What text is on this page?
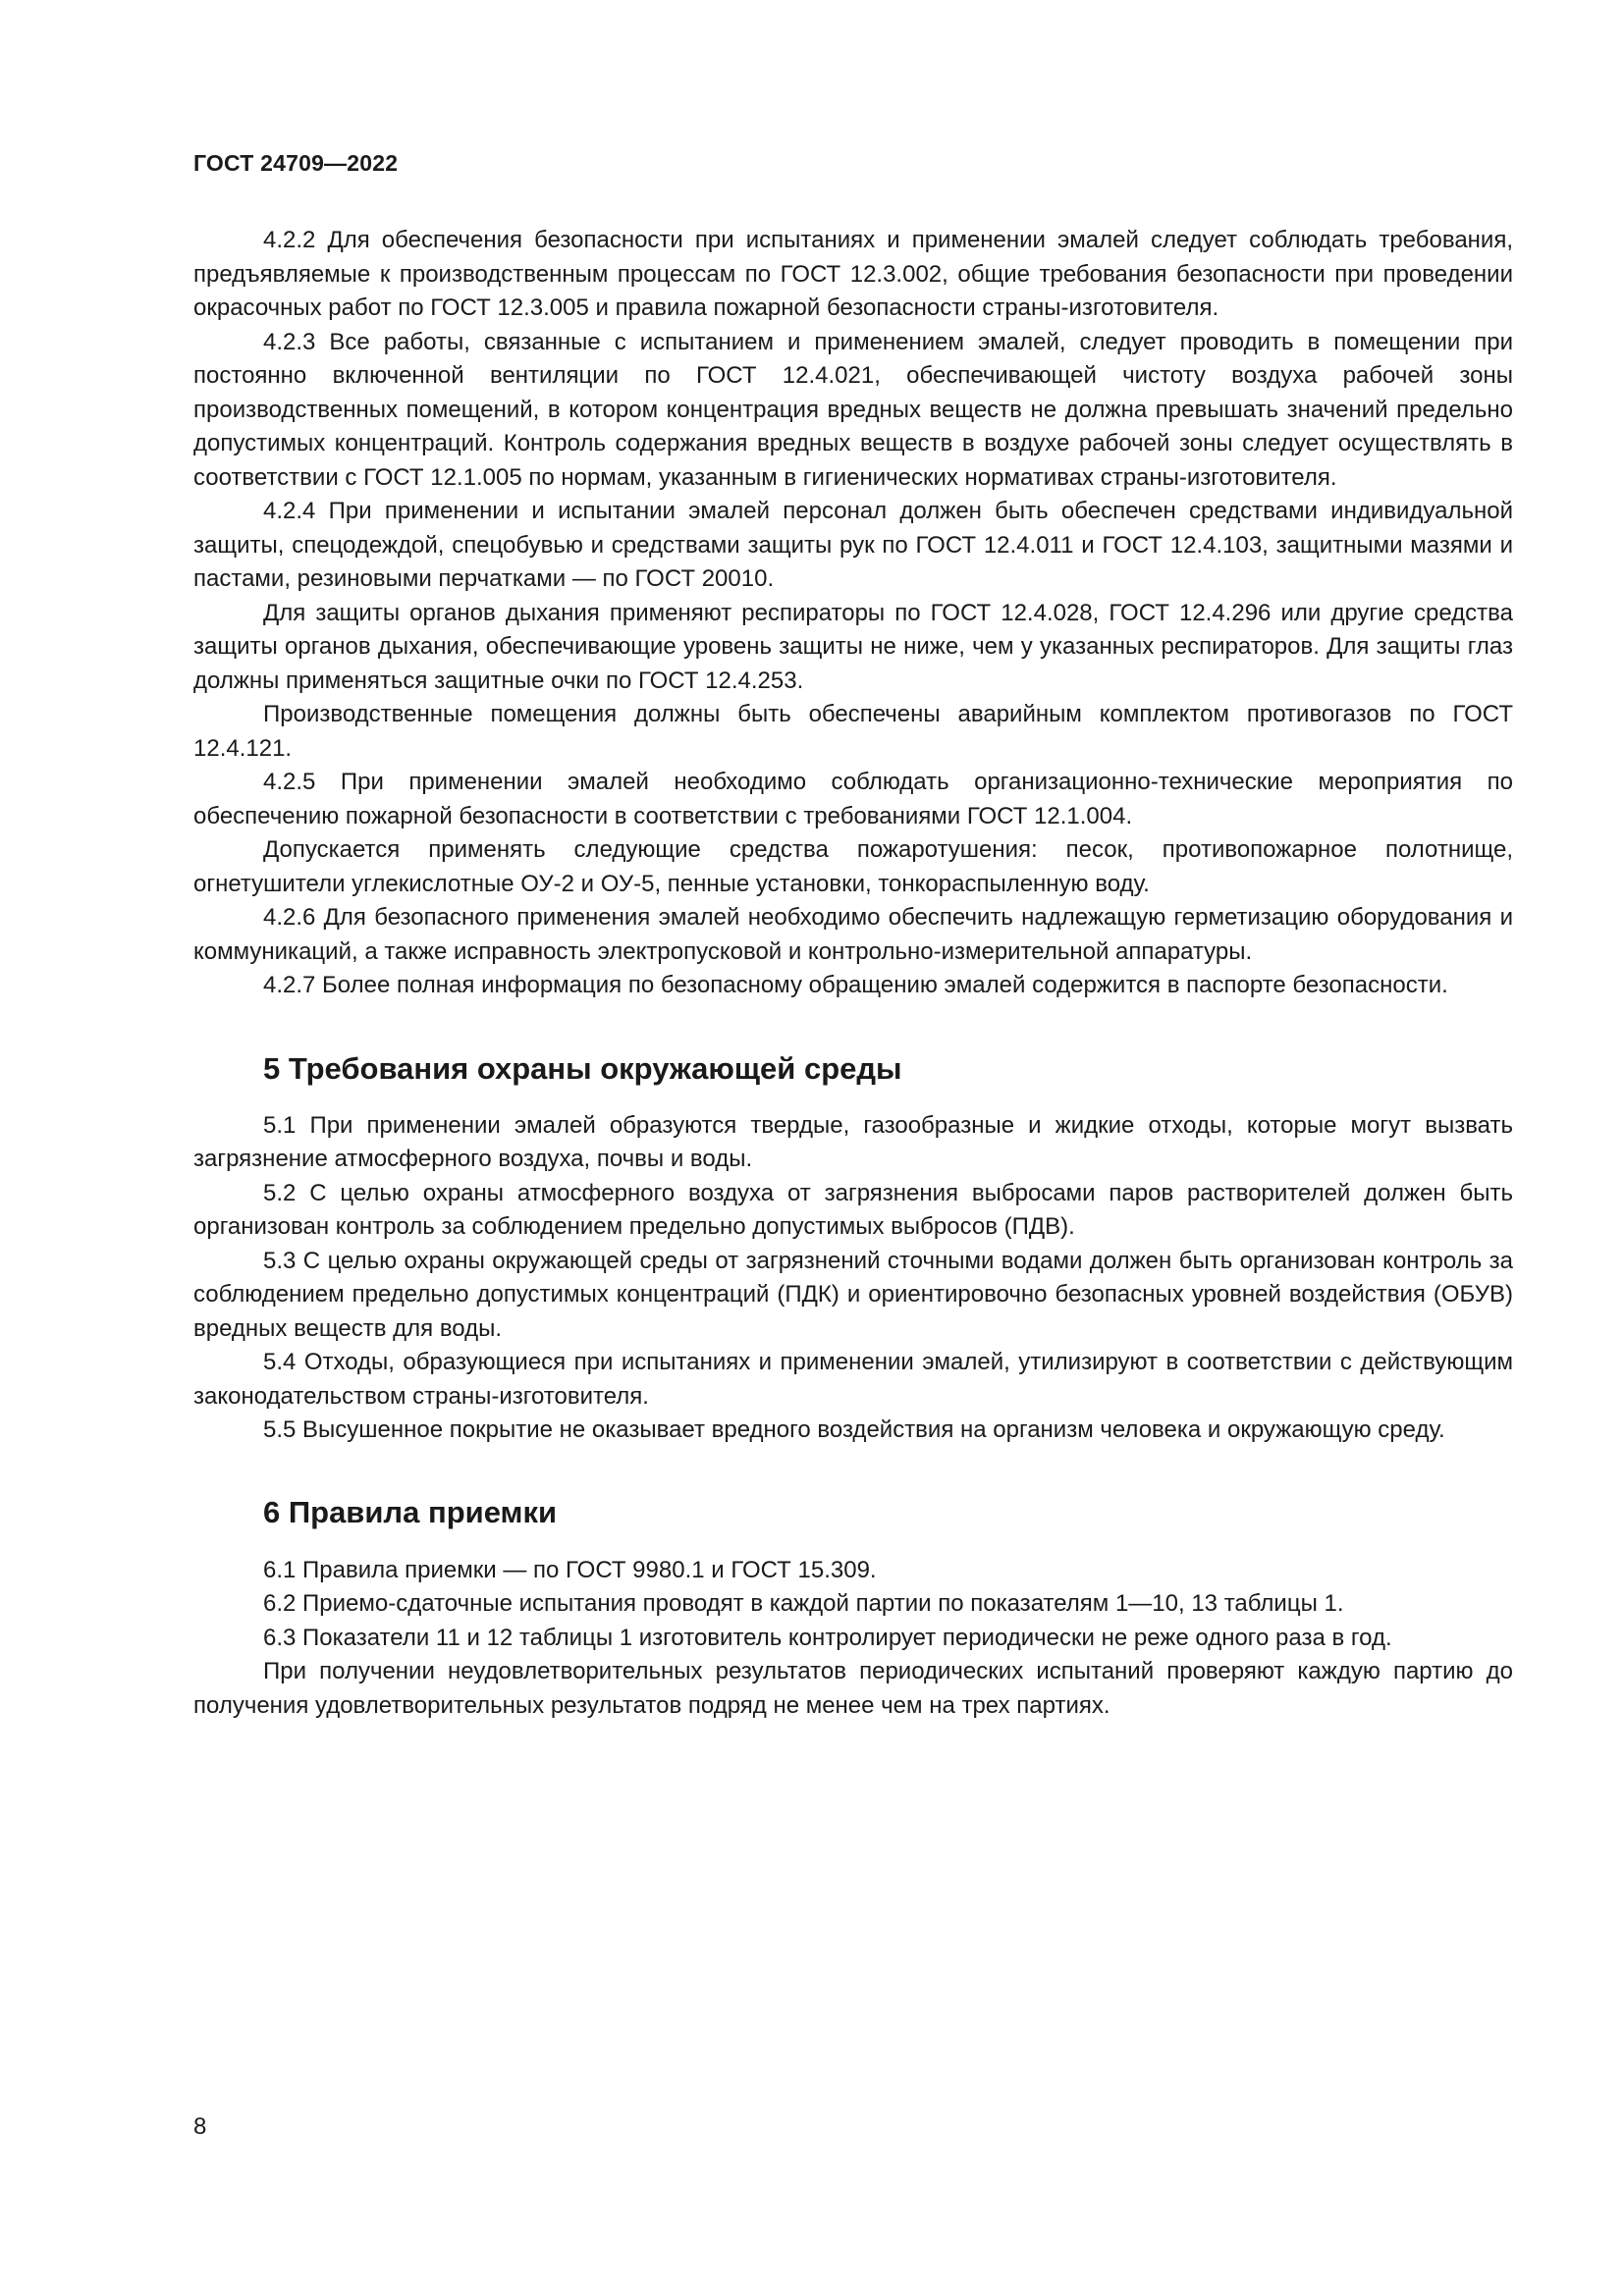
ГОСТ 24709—2022

4.2.2 Для обеспечения безопасности при испытаниях и применении эмалей следует соблюдать требования, предъявляемые к производственным процессам по ГОСТ 12.3.002, общие требования безопасности при проведении окрасочных работ по ГОСТ 12.3.005 и правила пожарной безопасности страны-изготовителя.

4.2.3 Все работы, связанные с испытанием и применением эмалей, следует проводить в помещении при постоянно включенной вентиляции по ГОСТ 12.4.021, обеспечивающей чистоту воздуха рабочей зоны производственных помещений, в котором концентрация вредных веществ не должна превышать значений предельно допустимых концентраций. Контроль содержания вредных веществ в воздухе рабочей зоны следует осуществлять в соответствии с ГОСТ 12.1.005 по нормам, указанным в гигиенических нормативах страны-изготовителя.

4.2.4 При применении и испытании эмалей персонал должен быть обеспечен средствами индивидуальной защиты, спецодеждой, спецобувью и средствами защиты рук по ГОСТ 12.4.011 и ГОСТ 12.4.103, защитными мазями и пастами, резиновыми перчатками — по ГОСТ 20010.

Для защиты органов дыхания применяют респираторы по ГОСТ 12.4.028, ГОСТ 12.4.296 или другие средства защиты органов дыхания, обеспечивающие уровень защиты не ниже, чем у указанных респираторов. Для защиты глаз должны применяться защитные очки по ГОСТ 12.4.253.

Производственные помещения должны быть обеспечены аварийным комплектом противогазов по ГОСТ 12.4.121.

4.2.5 При применении эмалей необходимо соблюдать организационно-технические мероприятия по обеспечению пожарной безопасности в соответствии с требованиями ГОСТ 12.1.004.

Допускается применять следующие средства пожаротушения: песок, противопожарное полотнище, огнетушители углекислотные ОУ-2 и ОУ-5, пенные установки, тонкораспыленную воду.

4.2.6 Для безопасного применения эмалей необходимо обеспечить надлежащую герметизацию оборудования и коммуникаций, а также исправность электропусковой и контрольно-измерительной аппаратуры.

4.2.7 Более полная информация по безопасному обращению эмалей содержится в паспорте безопасности.

5 Требования охраны окружающей среды

5.1 При применении эмалей образуются твердые, газообразные и жидкие отходы, которые могут вызвать загрязнение атмосферного воздуха, почвы и воды.

5.2 С целью охраны атмосферного воздуха от загрязнения выбросами паров растворителей должен быть организован контроль за соблюдением предельно допустимых выбросов (ПДВ).

5.3 С целью охраны окружающей среды от загрязнений сточными водами должен быть организован контроль за соблюдением предельно допустимых концентраций (ПДК) и ориентировочно безопасных уровней воздействия (ОБУВ) вредных веществ для воды.

5.4 Отходы, образующиеся при испытаниях и применении эмалей, утилизируют в соответствии с действующим законодательством страны-изготовителя.

5.5 Высушенное покрытие не оказывает вредного воздействия на организм человека и окружающую среду.

6 Правила приемки

6.1 Правила приемки — по ГОСТ 9980.1 и ГОСТ 15.309.

6.2 Приемо-сдаточные испытания проводят в каждой партии по показателям 1—10, 13 таблицы 1.

6.3 Показатели 11 и 12 таблицы 1 изготовитель контролирует периодически не реже одного раза в год.

При получении неудовлетворительных результатов периодических испытаний проверяют каждую партию до получения удовлетворительных результатов подряд не менее чем на трех партиях.

8
